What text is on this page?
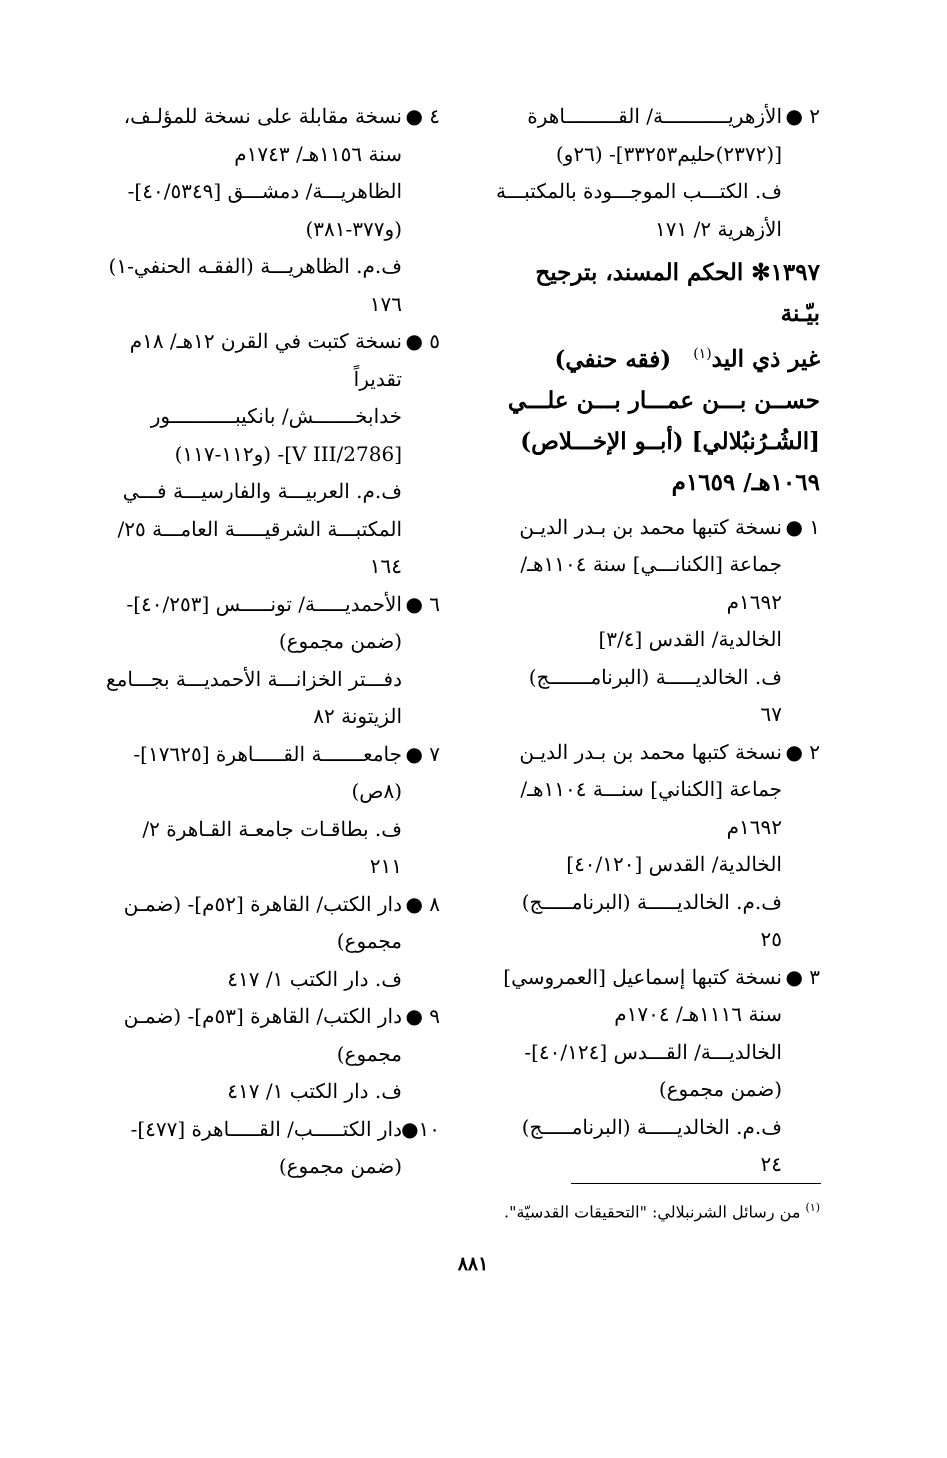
٢ ●
الأزهريـــــــــــة/ القـــــــــاهرة
[(٢٣٧٢)حليم٣٣٢٥٣]- (٢٦و)
ف. الكتـــب الموجـــودة بالمكتبـــة
الأزهرية ٢/ ١٧١
١٣٩٧✻ الحكم المسند، بترجيح بيّـنة
غير ذي اليد$^{(١)}$(فقه حنفي)
حســن بـــن عمـــار بـــن علـــي
[الشُـرُنبُلالي] (أبــو الإخـــلاص)
١٠٦٩هـ/ ١٦٥٩م
١ ●
نسخة كتبها محمد بن بـدر الديـن
جماعة [الكنانـــي] سنة ١١٠٤هـ/
١٦٩٢م
الخالدية/ القدس [٣/٤]
ف. الخالديـــــة (البرنامـــــــج)
٦٧
٢ ●
نسخة كتبها محمد بن بـدر الديـن
جماعة [الكناني] سنـــة ١١٠٤هـ/
١٦٩٢م
الخالدية/ القدس [٤٠/١٢٠]
ف.م. الخالديـــــة (البرنامـــــج)
٢٥
٣ ●
نسخة كتبها إسماعيل [العمروسي]
سنة ١١١٦هـ/ ١٧٠٤م
الخالديـــة/ القـــدس [٤٠/١٢٤]-
(ضمن مجموع)
ف.م. الخالديـــــة (البرنامـــــج)
٢٤
٤ ●
نسخة مقابلة على نسخة للمؤلـف،
سنة ١١٥٦هـ/ ١٧٤٣م
الظاهريـــة/ دمشـــق [٤٠/٥٣٤٩]-
(و٣٧٧-٣٨١)
ف.م. الظاهريـــة (الفقـه الحنفي-١)
١٧٦
٥ ●
نسخة كتبت في القرن ١٢هـ/ ١٨م
تقديراً
خدابخـــــــش/ بانكيبـــــــــــور
[2786/V III]- (و١١٢-١١٧)
ف.م. العربيـــة والفارسيـــة فـــي
المكتبـــة الشرقيـــــة العامـــة ٢٥/
١٦٤
٦ ●
الأحمديـــــة/ تونـــــس [٤٠/٢٥٣]-
(ضمن مجموع)
دفـــتر الخزانـــة الأحمديـــة بجـــامع
الزيتونة ٨٢
٧ ●
جامعـــــــة القـــــاهرة [١٧٦٢٥]-
(٨ص)
ف. بطاقـات جامعـة القـاهرة ٢/
٢١١
٨ ●
دار الكتب/ القاهرة [٥٢م]- (ضمـن
مجموع)
ف. دار الكتب ١/ ٤١٧
٩ ●
دار الكتب/ القاهرة [٥٣م]- (ضمـن
مجموع)
ف. دار الكتب ١/ ٤١٧
١٠●
دار الكتـــــب/ القـــــاهرة [٤٧٧]-
(ضمن مجموع)
$^{(١)}$ من رسائل الشرنبلالي: "التحقيقات القدسيّة".
٨٨١
